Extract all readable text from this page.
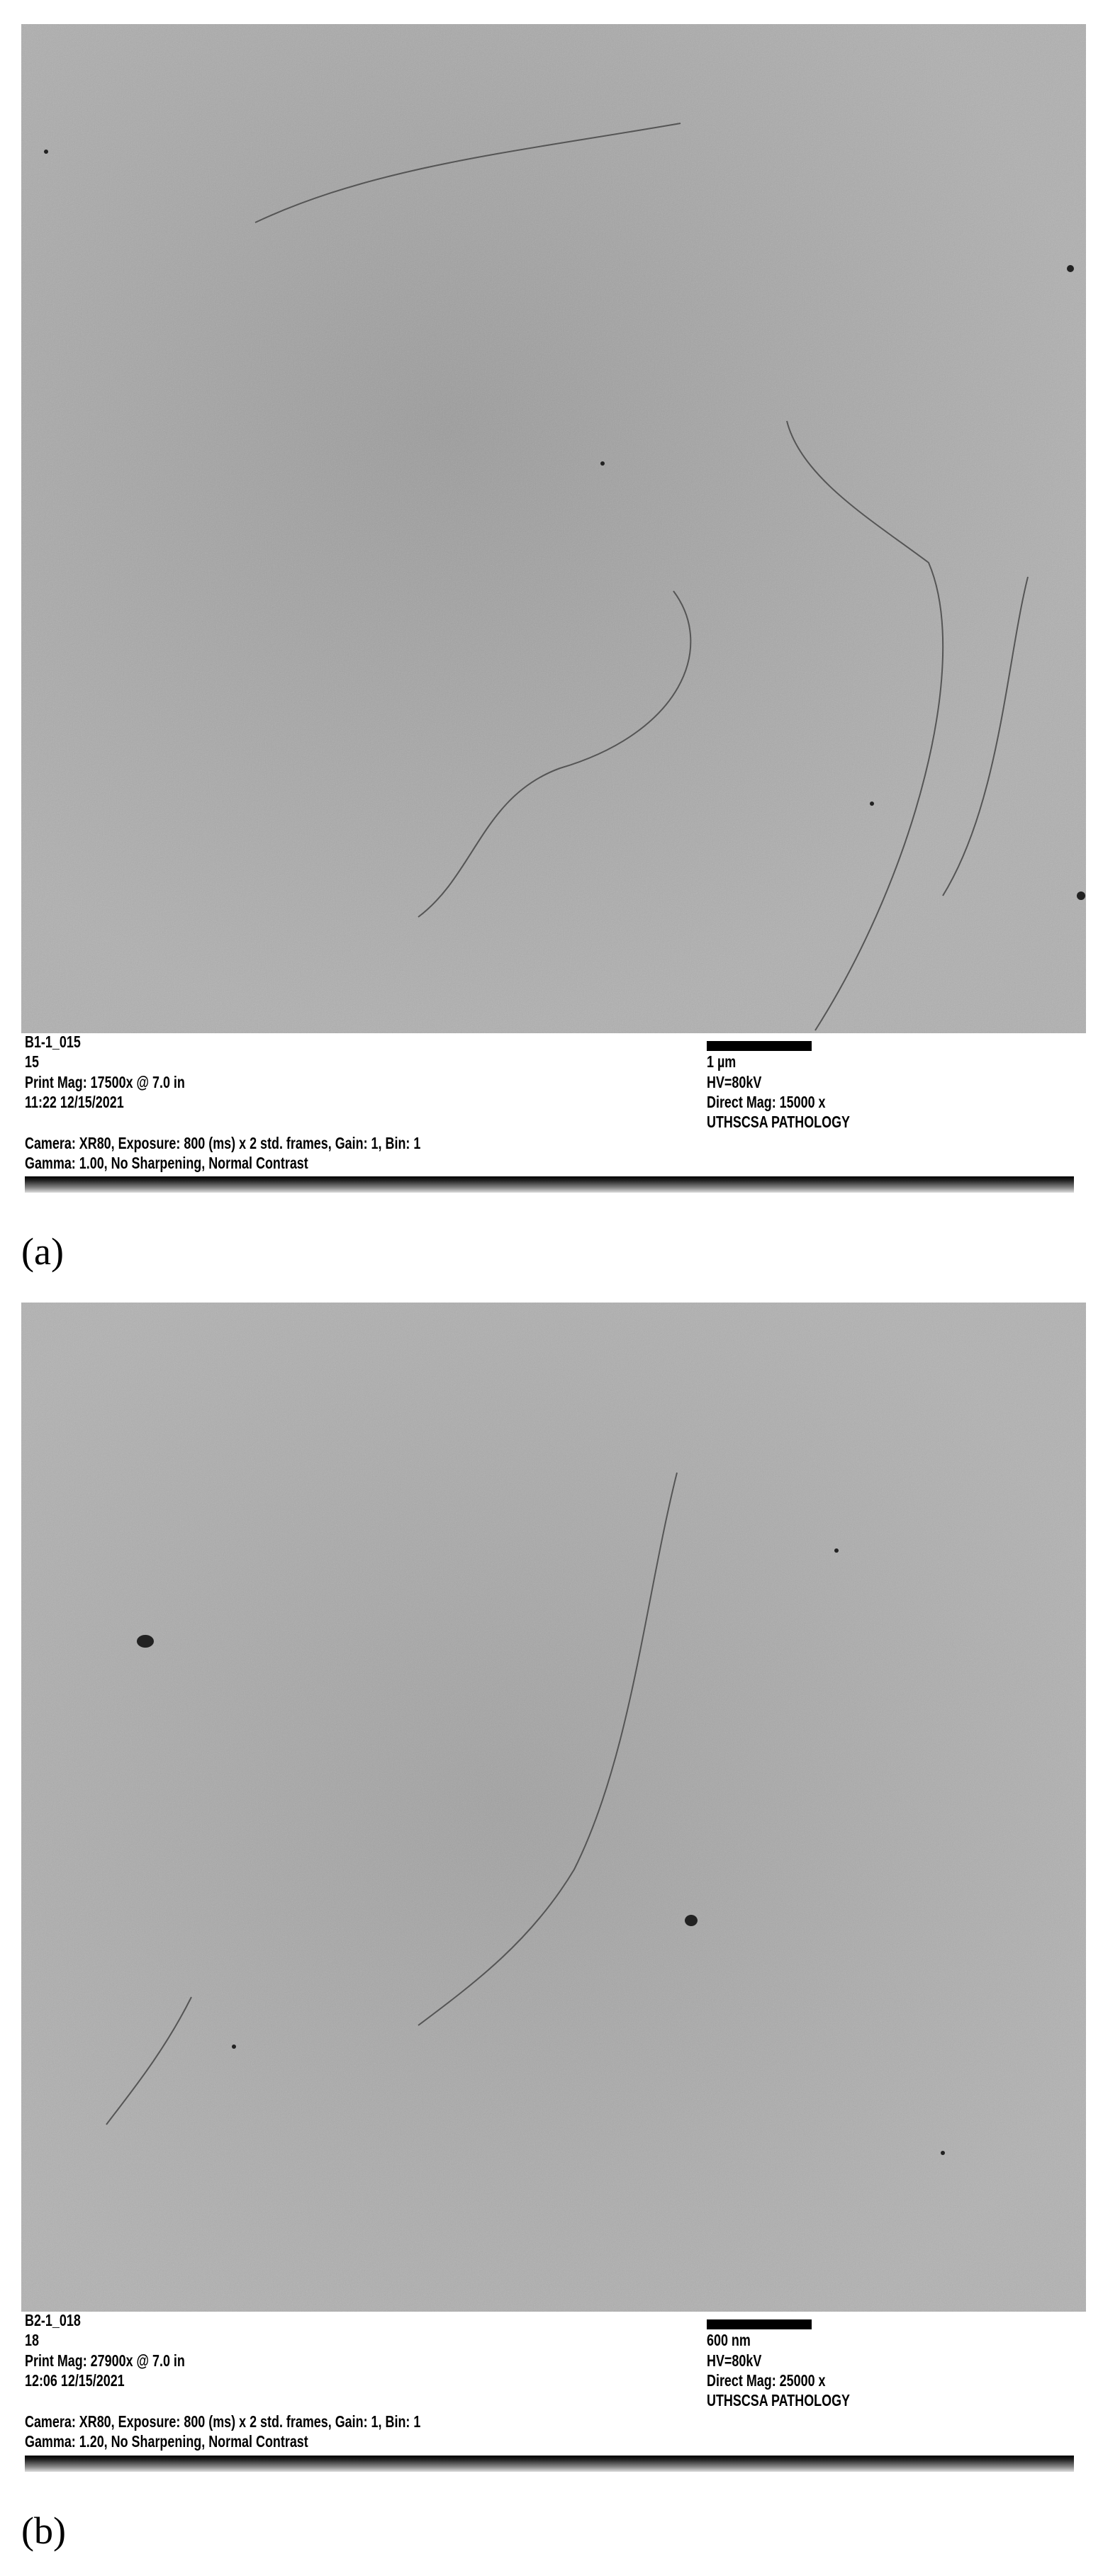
B1-1_015
15
Print Mag: 17500x @ 7.0 in
11:22 12/15/2021
Camera: XR80, Exposure: 800 (ms) x 2 std. frames, Gain: 1, Bin: 1
Gamma: 1.00, No Sharpening, Normal Contrast
1 µm
HV=80kV
Direct Mag: 15000 x
UTHSCSA PATHOLOGY
(a)
B2-1_018
18
Print Mag: 27900x @ 7.0 in
12:06 12/15/2021
Camera: XR80, Exposure: 800 (ms) x 2 std. frames, Gain: 1, Bin: 1
Gamma: 1.20, No Sharpening, Normal Contrast
600 nm
HV=80kV
Direct Mag: 25000 x
UTHSCSA PATHOLOGY
(b)
